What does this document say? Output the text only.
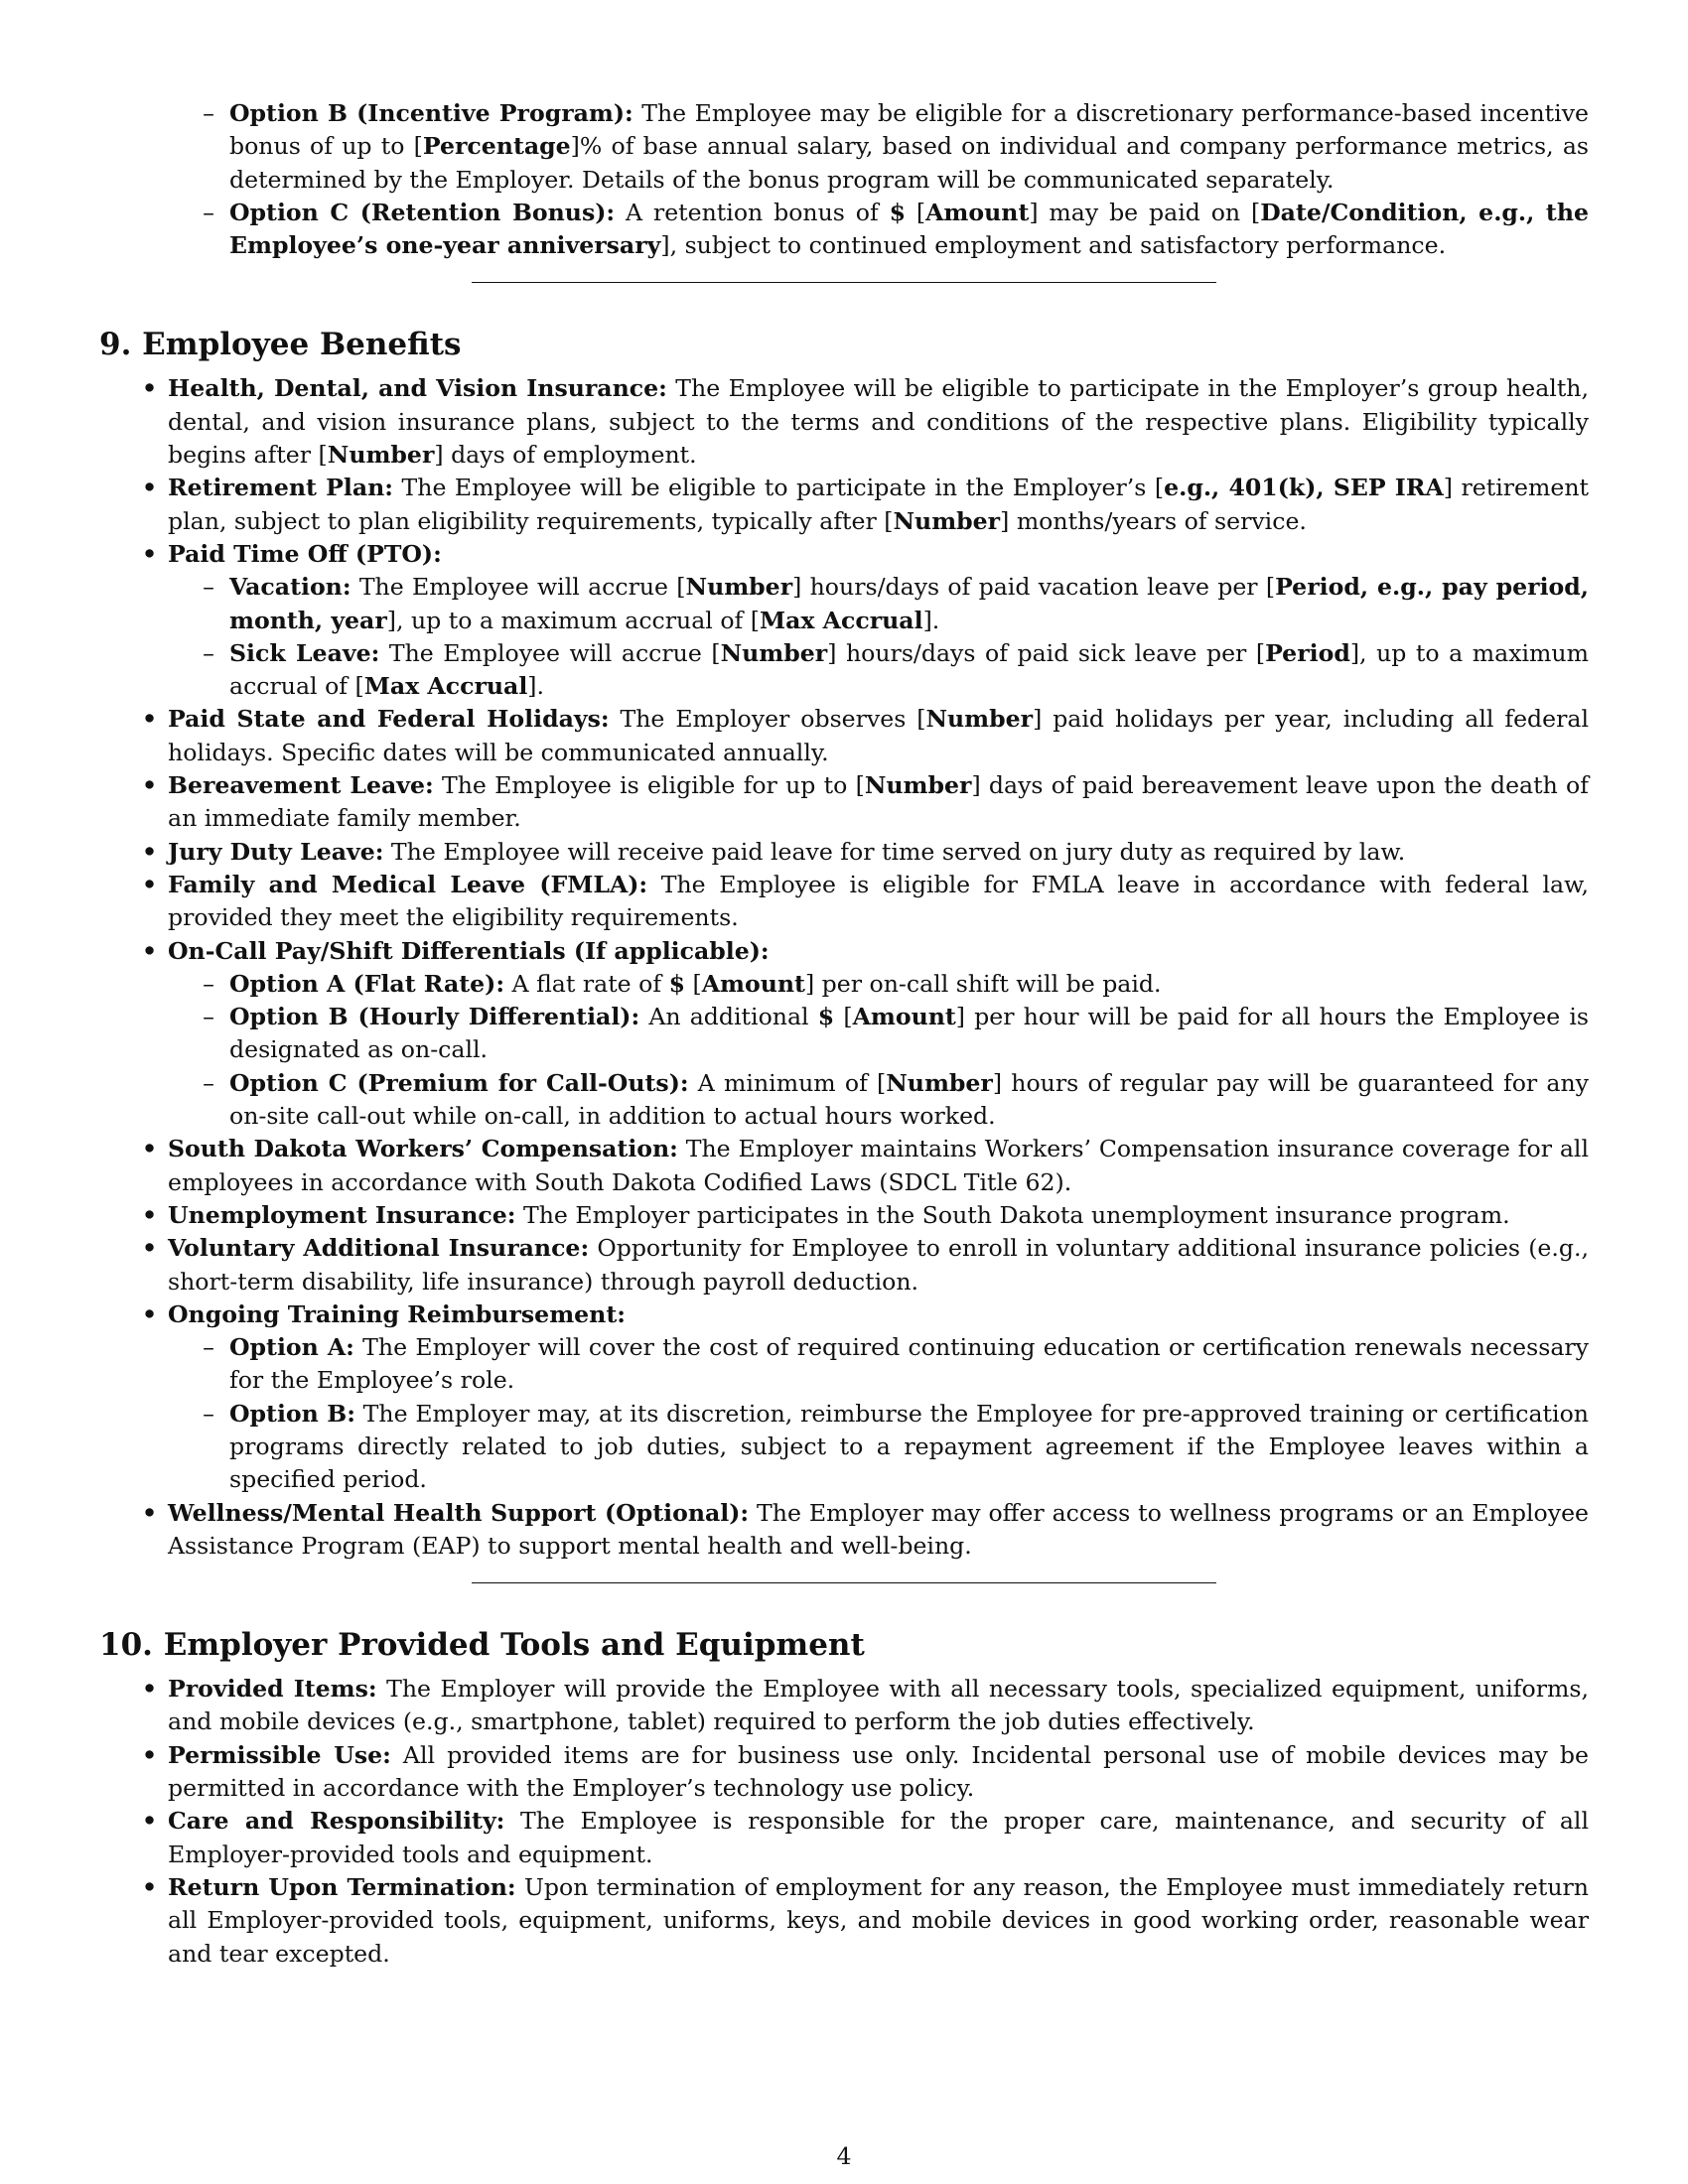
– Option B (Incentive Program): The Employee may be eligible for a discretionary performance-based incentive bonus of up to [Percentage]% of base annual salary, based on individual and company performance metrics, as determined by the Employer. Details of the bonus program will be communicated separately.
– Option C (Retention Bonus): A retention bonus of $ [Amount] may be paid on [Date/Condition, e.g., the Employee’s one-year anniversary], subject to continued employment and satisfactory performance.
9. Employee Benefits
• Health, Dental, and Vision Insurance: The Employee will be eligible to participate in the Employer’s group health, dental, and vision insurance plans, subject to the terms and conditions of the respective plans. Eligibility typically begins after [Number] days of employment.
• Retirement Plan: The Employee will be eligible to participate in the Employer’s [e.g., 401(k), SEP IRA] retirement plan, subject to plan eligibility requirements, typically after [Number] months/years of service.
• Paid Time Off (PTO):
– Vacation: The Employee will accrue [Number] hours/days of paid vacation leave per [Period, e.g., pay period, month, year], up to a maximum accrual of [Max Accrual].
– Sick Leave: The Employee will accrue [Number] hours/days of paid sick leave per [Period], up to a maximum accrual of [Max Accrual].
• Paid State and Federal Holidays: The Employer observes [Number] paid holidays per year, including all federal holidays. Specific dates will be communicated annually.
• Bereavement Leave: The Employee is eligible for up to [Number] days of paid bereavement leave upon the death of an immediate family member.
• Jury Duty Leave: The Employee will receive paid leave for time served on jury duty as required by law.
• Family and Medical Leave (FMLA): The Employee is eligible for FMLA leave in accordance with federal law, provided they meet the eligibility requirements.
• On-Call Pay/Shift Differentials (If applicable):
– Option A (Flat Rate): A flat rate of $ [Amount] per on-call shift will be paid.
– Option B (Hourly Differential): An additional $ [Amount] per hour will be paid for all hours the Employee is designated as on-call.
– Option C (Premium for Call-Outs): A minimum of [Number] hours of regular pay will be guaranteed for any on-site call-out while on-call, in addition to actual hours worked.
• South Dakota Workers’ Compensation: The Employer maintains Workers’ Compensation insurance coverage for all employees in accordance with South Dakota Codified Laws (SDCL Title 62).
• Unemployment Insurance: The Employer participates in the South Dakota unemployment insurance program.
• Voluntary Additional Insurance: Opportunity for Employee to enroll in voluntary additional insurance policies (e.g., short-term disability, life insurance) through payroll deduction.
• Ongoing Training Reimbursement:
– Option A: The Employer will cover the cost of required continuing education or certification renewals necessary for the Employee’s role.
– Option B: The Employer may, at its discretion, reimburse the Employee for pre-approved training or certification programs directly related to job duties, subject to a repayment agreement if the Employee leaves within a specified period.
• Wellness/Mental Health Support (Optional): The Employer may offer access to wellness programs or an Employee Assistance Program (EAP) to support mental health and well-being.
10. Employer Provided Tools and Equipment
• Provided Items: The Employer will provide the Employee with all necessary tools, specialized equipment, uniforms, and mobile devices (e.g., smartphone, tablet) required to perform the job duties effectively.
• Permissible Use: All provided items are for business use only. Incidental personal use of mobile devices may be permitted in accordance with the Employer’s technology use policy.
• Care and Responsibility: The Employee is responsible for the proper care, maintenance, and security of all Employer-provided tools and equipment.
• Return Upon Termination: Upon termination of employment for any reason, the Employee must immediately return all Employer-provided tools, equipment, uniforms, keys, and mobile devices in good working order, reasonable wear and tear excepted.
4
